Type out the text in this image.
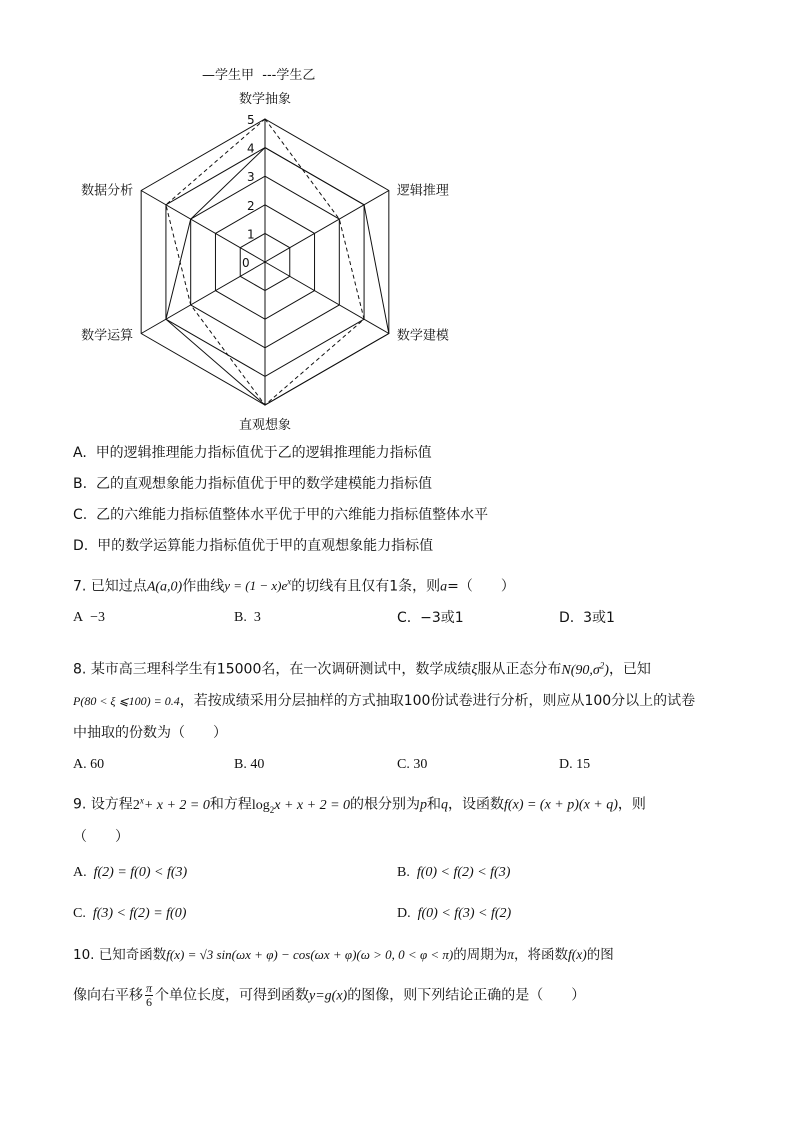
—学生甲 ---学生乙
0
1
2
3
4
5
数学抽象
逻辑推理
数学建模
直观想象
数学运算
数据分析
A. 甲的逻辑推理能力指标值优于乙的逻辑推理能力指标值
B. 乙的直观想象能力指标值优于甲的数学建模能力指标值
C. 乙的六维能力指标值整体水平优于甲的六维能力指标值整体水平
D. 甲的数学运算能力指标值优于甲的直观想象能力指标值
7. 已知过点A(a,0)作曲线$y = (1 - x)e^x$的切线有且仅有1条，则a=（　　）
A −3	B. 3	C. −3或1	D. 3或1
8. 某市高三理科学生有15000名，在一次调研测试中，数学成绩ξ服从正态分布$N(90,\sigma^2)$，已知
P(80 < ξ ⩽100) = 0.4，若按成绩采用分层抽样的方式抽取100份试卷进行分析，则应从100分以上的试卷
中抽取的份数为（　　）
A. 60	B. 40	C. 30	D. 15
9. 设方程$2^x+ x + 2 = 0$和方程$\log_2x + x + 2 = 0$的根分别为p和q，设函数f(x) = (x + p)(x + q)，则
（　　）
A. f(2) = f(0) < f(3)	B. f(0) < f(2) < f(3)
C. f(3) < f(2) = f(0)	D. f(0) < f(3) < f(2)
10. 已知奇函数f(x) = √3 sin(ωx + φ) − cos(ωx + φ)(ω > 0, 0 < φ < π)的周期为π，将函数f(x)的图
像向右平移 $\frac{\pi}{6}$ 个单位长度，可得到函数y=g(x)的图像，则下列结论正确的是（　　）
